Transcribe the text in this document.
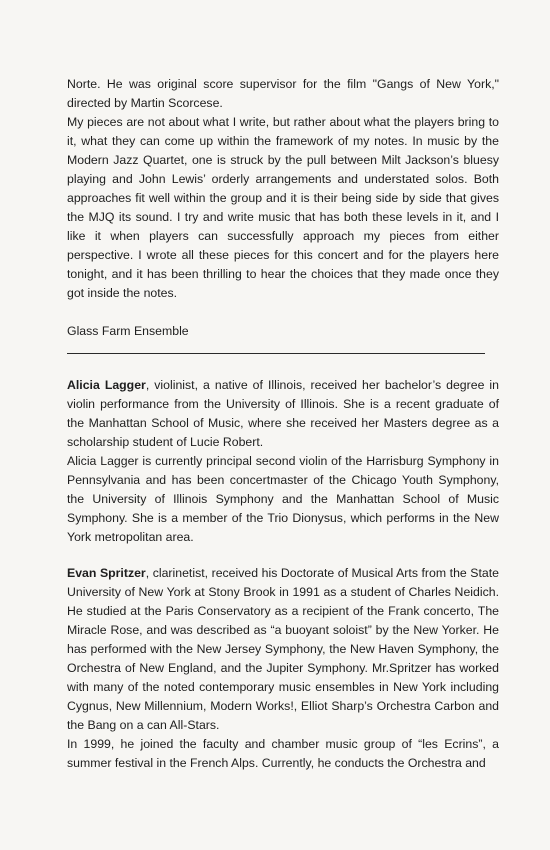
Norte. He was original score supervisor for the film "Gangs of New York," directed by Martin Scorcese.

My pieces are not about what I write, but rather about what the players bring to it, what they can come up within the framework of my notes. In music by the Modern Jazz Quartet, one is struck by the pull between Milt Jackson’s bluesy playing and John Lewis’ orderly arrangements and understated solos. Both approaches fit well within the group and it is their being side by side that gives the MJQ its sound. I try and write music that has both these levels in it, and I like it when players can successfully approach my pieces from either perspective. I wrote all these pieces for this concert and for the players here tonight, and it has been thrilling to hear the choices that they made once they got inside the notes.

Glass Farm Ensemble

Alicia Lagger, violinist, a native of Illinois, received her bachelor’s degree in violin performance from the University of Illinois. She is a recent graduate of the Manhattan School of Music, where she received her Masters degree as a scholarship student of Lucie Robert.

Alicia Lagger is currently principal second violin of the Harrisburg Symphony in Pennsylvania and has been concertmaster of the Chicago Youth Symphony, the University of Illinois Symphony and the Manhattan School of Music Symphony. She is a member of the Trio Dionysus, which performs in the New York metropolitan area.

Evan Spritzer, clarinetist, received his Doctorate of Musical Arts from the State University of New York at Stony Brook in 1991 as a student of Charles Neidich. He studied at the Paris Conservatory as a recipient of the Frank concerto, The Miracle Rose, and was described as “a buoyant soloist” by the New Yorker. He has performed with the New Jersey Symphony, the New Haven Symphony, the Orchestra of New England, and the Jupiter Symphony. Mr.Spritzer has worked with many of the noted contemporary music ensembles in New York including Cygnus, New Millennium, Modern Works!, Elliot Sharp’s Orchestra Carbon and the Bang on a can All-Stars.

In 1999, he joined the faculty and chamber music group of “les Ecrins”, a summer festival in the French Alps. Currently, he conducts the Orchestra and
